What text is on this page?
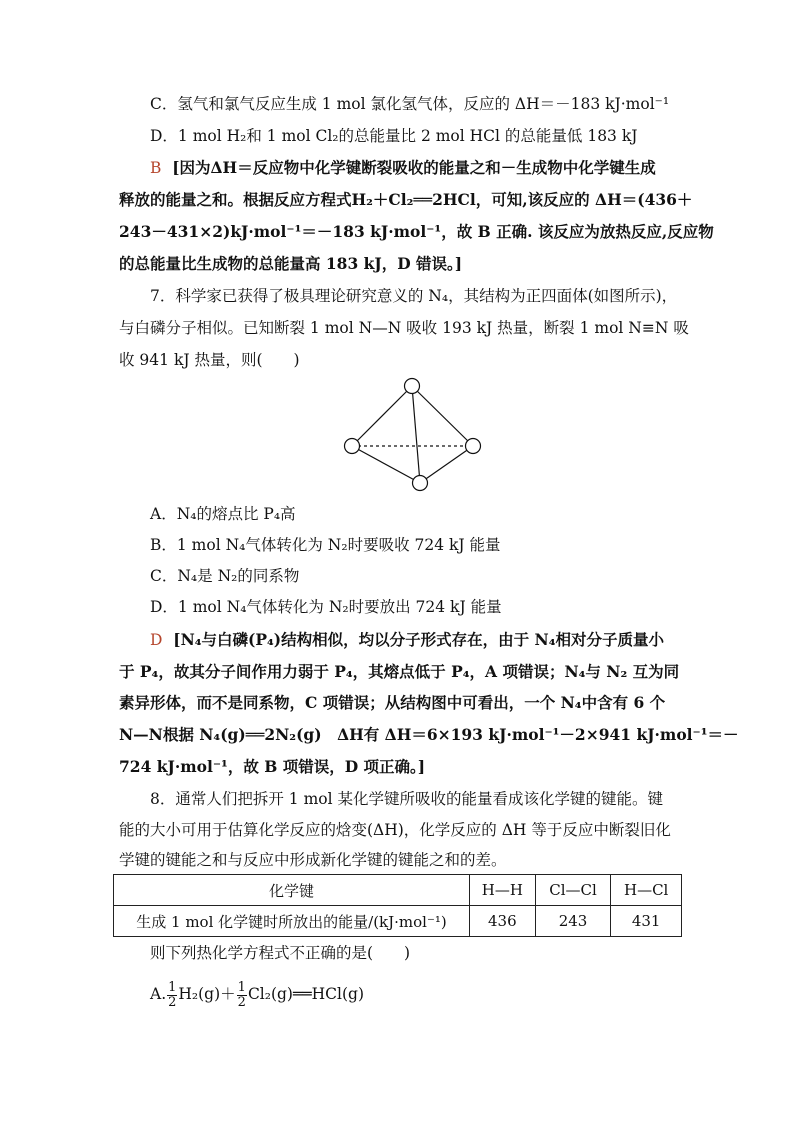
C．氢气和氯气反应生成 1 mol 氯化氢气体，反应的 ΔH＝－183 kJ·mol⁻¹
D．1 mol H₂和 1 mol Cl₂的总能量比 2 mol HCl 的总能量低 183 kJ
B [因为ΔH＝反应物中化学键断裂吸收的能量之和－生成物中化学键生成
释放的能量之和。根据反应方程式H₂＋Cl₂══2HCl，可知,该反应的 ΔH＝(436＋
243－431×2)kJ·mol⁻¹＝－183 kJ·mol⁻¹，故 B 正确. 该反应为放热反应,反应物
的总能量比生成物的总能量高 183 kJ，D 错误。]
7．科学家已获得了极具理论研究意义的 N₄，其结构为正四面体(如图所示)，
与白磷分子相似。已知断裂 1 mol N—N 吸收 193 kJ 热量，断裂 1 mol N≡N 吸
收 941 kJ 热量，则(　　)
A．N₄的熔点比 P₄高
B．1 mol N₄气体转化为 N₂时要吸收 724 kJ 能量
C．N₄是 N₂的同系物
D．1 mol N₄气体转化为 N₂时要放出 724 kJ 能量
D [N₄与白磷(P₄)结构相似，均以分子形式存在，由于 N₄相对分子质量小
于 P₄，故其分子间作用力弱于 P₄，其熔点低于 P₄，A 项错误；N₄与 N₂ 互为同
素异形体，而不是同系物，C 项错误；从结构图中可看出，一个 N₄中含有 6 个
N—N根据 N₄(g)══2N₂(g)　ΔH有 ΔH＝6×193 kJ·mol⁻¹－2×941 kJ·mol⁻¹＝－
724 kJ·mol⁻¹，故 B 项错误，D 项正确。]
8．通常人们把拆开 1 mol 某化学键所吸收的能量看成该化学键的键能。键
能的大小可用于估算化学反应的焓变(ΔH)，化学反应的 ΔH 等于反应中断裂旧化
学键的键能之和与反应中形成新化学键的键能之和的差。
化学键	H—H	Cl—Cl	H—Cl
生成 1 mol 化学键时所放出的能量/(kJ·mol⁻¹)	436	243	431
则下列热化学方程式不正确的是(　　)
A. $\frac{1}{2} H_2(g)+ \frac{1}{2}$ Cl₂(g)══HCl(g)
